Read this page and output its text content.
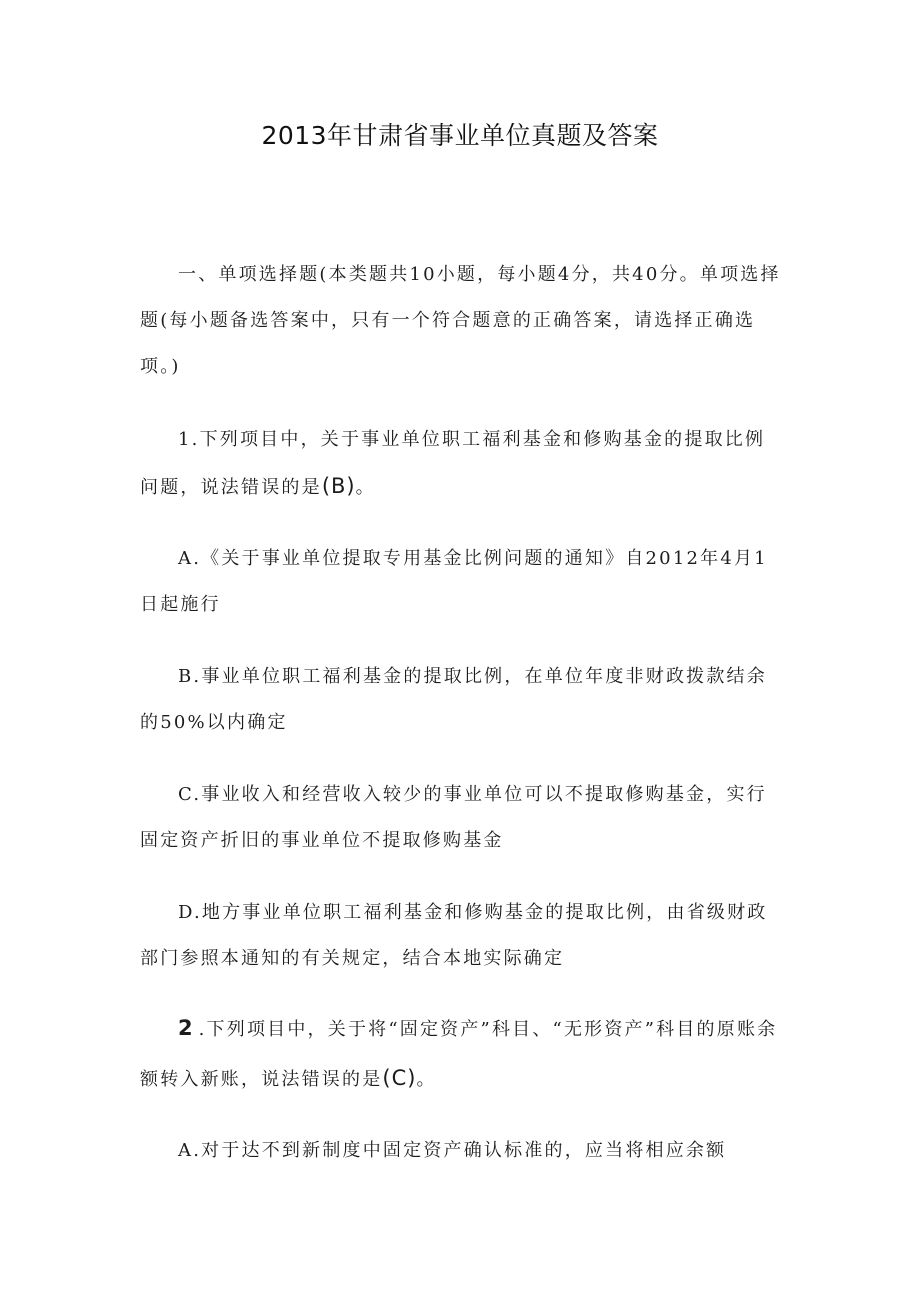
2013年甘肃省事业单位真题及答案

一、单项选择题(本类题共10小题，每小题4分，共40分。单项选择题(每小题备选答案中，只有一个符合题意的正确答案，请选择正确选项。)

1.下列项目中，关于事业单位职工福利基金和修购基金的提取比例问题，说法错误的是(B)。

A.《关于事业单位提取专用基金比例问题的通知》自2012年4月1日起施行

B.事业单位职工福利基金的提取比例，在单位年度非财政拨款结余的50%以内确定

C.事业收入和经营收入较少的事业单位可以不提取修购基金，实行固定资产折旧的事业单位不提取修购基金

D.地方事业单位职工福利基金和修购基金的提取比例，由省级财政部门参照本通知的有关规定，结合本地实际确定

2.下列项目中，关于将“固定资产”科目、“无形资产”科目的原账余额转入新账，说法错误的是(C)。

A.对于达不到新制度中固定资产确认标准的，应当将相应余额
